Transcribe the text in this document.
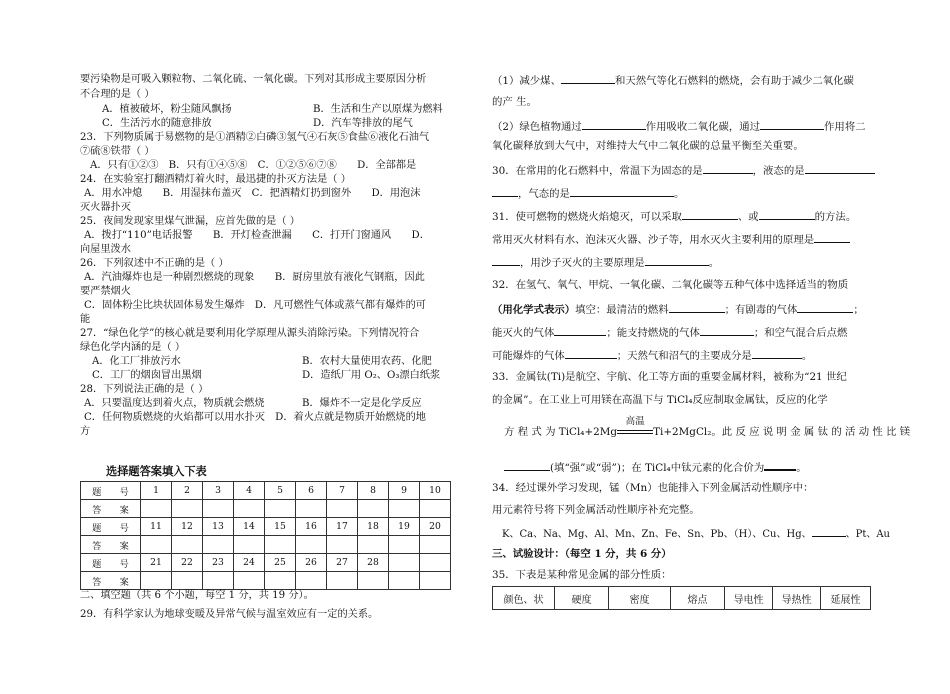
要污染物是可吸入颗粒物、二氧化硫、一氧化碳。下列对其形成主要原因分析
不合理的是（ ）
A．植被破坏，粉尘随风飘扬	B．生活和生产以原煤为燃料
C．生活污水的随意排放	D．汽车等排放的尾气
23．下列物质属于易燃物的是①酒精②白磷③氢气④石灰⑤食盐⑥液化石油气
⑦硫⑧铁带（ ）
A．只有①②③　B．只有①④⑤⑧　C．①②⑤⑥⑦⑧　　D．全部都是
24．在实验室打翻酒精灯着火时，最迅捷的扑灭方法是（ ）
A．用水冲熄　　B．用湿抹布盖灭　C．把酒精灯扔到窗外　　D．用泡沫
灭火器扑灭
25．夜间发现家里煤气泄漏，应首先做的是（ ）
A．拨打“110”电话报警　　B．开灯检查泄漏　　C．打开门窗通风　　D．
向屋里泼水
26．下列叙述中不正确的是（ ）
A．汽油爆炸也是一种剧烈燃烧的现象　　B．厨房里放有液化气钢瓶，因此
要严禁烟火
C．固体粉尘比块状固体易发生爆炸　D．凡可燃性气体或蒸气都有爆炸的可
能
27．“绿色化学”的核心就是要利用化学原理从源头消除污染。下列情况符合
绿色化学内涵的是（ ）
A．化工厂排放污水	B．农村大量使用农药、化肥
C．工厂的烟囱冒出黑烟	D．造纸厂用 O₂、O₃漂白纸浆
28．下列说法正确的是（ ）
A．只要温度达到着火点，物质就会燃烧	B．爆炸不一定是化学反应
C．任何物质燃烧的火焰都可以用水扑灭　D．着火点就是物质开始燃烧的地
方
选择题答案填入下表
题　　号	1	2	3	4	5	6	7	8	9	10
答　　案										
题　　号	11	12	13	14	15	16	17	18	19	20
答　　案										
题　　号	21	22	23	24	25	26	27	28		
答　　案										
二、填空题（共 6 个小题，每空 1 分，共 19 分）。
29．有科学家认为地球变暖及异常气候与温室效应有一定的关系。
（1）减少煤、	和天然气等化石燃料的燃烧，会有助于减少二氧化碳
的产 生。
（2）绿色植物通过	作用吸收二氧化碳，通过	作用将二
氧化碳释放到大气中，对维持大气中二氧化碳的总量平衡至关重要。
30．在常用的化石燃料中，常温下为固态的是	，液态的是
，气态的是	。
31．使可燃物的燃烧火焰熄灭，可以采取	、或	的方法。
常用灭火材料有水、泡沫灭火器、沙子等，用水灭火主要利用的原理是
，用沙子灭火的主要原理是	。
32．在氢气、氧气、甲烷、一氧化碳、二氧化碳等五种气体中选择适当的物质
（用化学式表示）填空：最清洁的燃料	；有剧毒的气体	；
能灭火的气体	；能支持燃烧的气体	；和空气混合后点燃
可能爆炸的气体	；天然气和沼气的主要成分是	。
33．金属钛(Ti)是航空、宇航、化工等方面的重要金属材料，被称为“21 世纪
的金属”。在工业上可用镁在高温下与 TiCl₄反应制取金属钛，反应的化学
方 程 式 为 TiCl₄+2Mg
高温
Ti+2MgCl₂。此 反 应 说 明 金 属 钛 的 活 动 性 比 镁
(填“强”或“弱”)；在 TiCl₄中钛元素的化合价为	。
34．经过课外学习发现，锰（Mn）也能排入下列金属活动性顺序中：
用元素符号将下列金属活动性顺序补充完整。
K、Ca、Na、Mg、Al、Mn、Zn、Fe、Sn、Pb、（H）、Cu、Hg、	、Pt、Au
三、试验设计：（每空 1 分，共 6 分）
35．下表是某种常见金属的部分性质：
颜色、状	硬度	密度	熔点	导电性	导热性	延展性
